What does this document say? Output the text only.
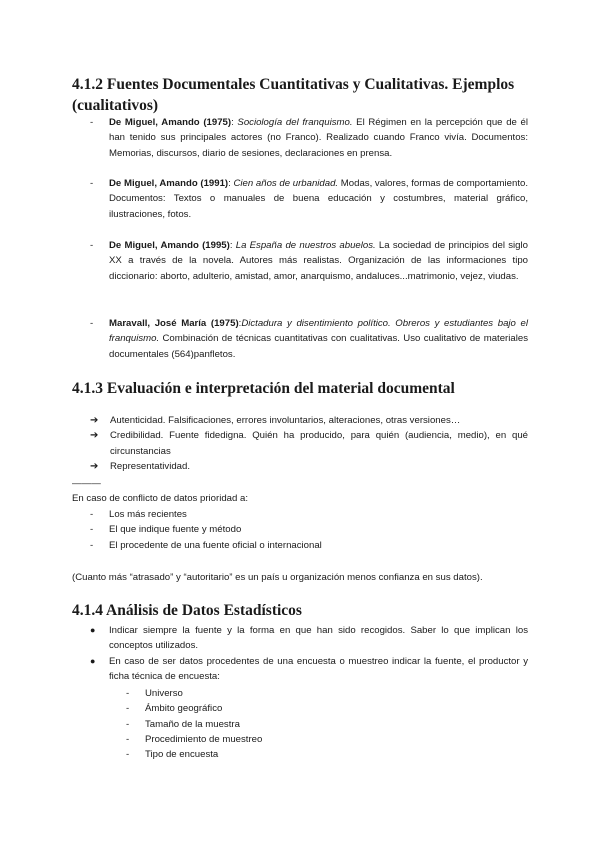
4.1.2 Fuentes Documentales Cuantitativas y Cualitativas. Ejemplos (cualitativos)
- De Miguel, Amando (1975): Sociología del franquismo. El Régimen en la percepción que de él han tenido sus principales actores (no Franco). Realizado cuando Franco vivía. Documentos: Memorias, discursos, diario de sesiones, declaraciones en prensa.
- De Miguel, Amando (1991): Cien años de urbanidad. Modas, valores, formas de comportamiento. Documentos: Textos o manuales de buena educación y costumbres, material gráfico, ilustraciones, fotos.
- De Miguel, Amando (1995): La España de nuestros abuelos. La sociedad de principios del siglo XX a través de la novela. Autores más realistas. Organización de las informaciones tipo diccionario: aborto, adulterio, amistad, amor, anarquismo, andaluces...matrimonio, vejez, viudas.
- Maravall, José María (1975):Dictadura y disentimiento político. Obreros y estudiantes bajo el franquismo. Combinación de técnicas cuantitativas con cualitativas. Uso cualitativo de materiales documentales (564)panfletos.
4.1.3 Evaluación e interpretación del material documental
➔ Autenticidad. Falsificaciones, errores involuntarios, alteraciones, otras versiones…
➔ Credibilidad. Fuente fidedigna. Quién ha producido, para quién (audiencia, medio), en qué circunstancias
➔ Representatividad.
———
En caso de conflicto de datos prioridad a:
- Los más recientes
- El que indique fuente y método
- El procedente de una fuente oficial o internacional
(Cuanto más “atrasado” y “autoritario” es un país u organización menos confianza en sus datos).
4.1.4 Análisis de Datos Estadísticos
● Indicar siempre la fuente y la forma en que han sido recogidos. Saber lo que implican los conceptos utilizados.
● En caso de ser datos procedentes de una encuesta o muestreo indicar la fuente, el productor y ficha técnica de encuesta:
- Universo
- Ámbito geográfico
- Tamaño de la muestra
- Procedimiento de muestreo
- Tipo de encuesta
